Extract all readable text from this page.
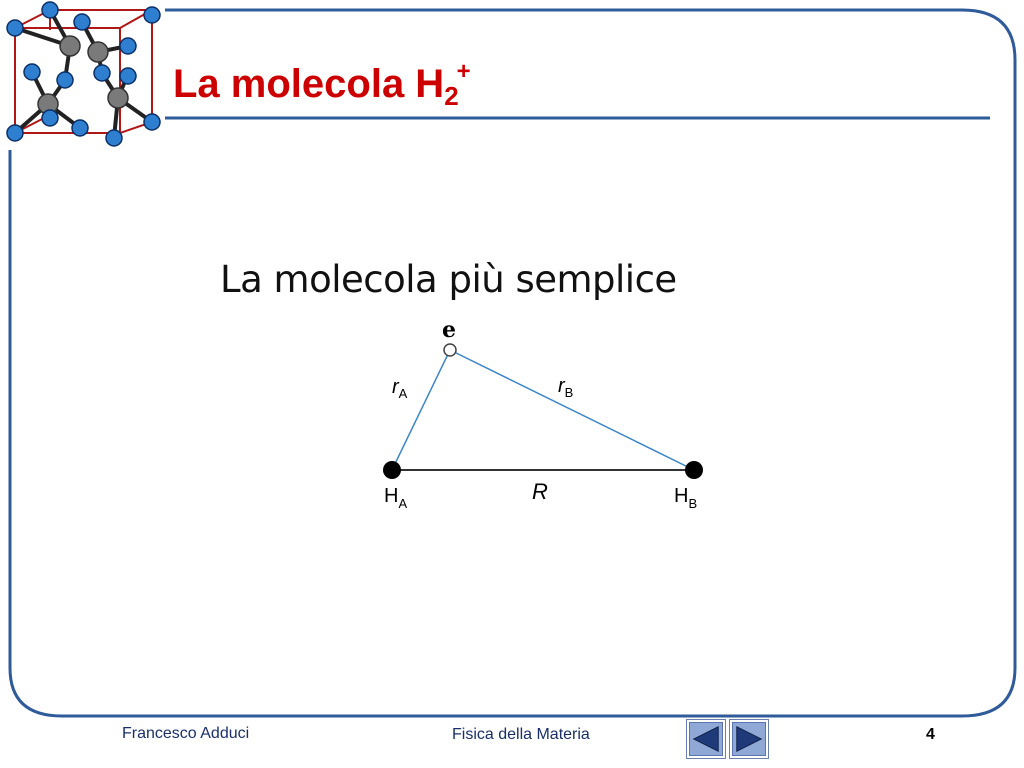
La molecola $H_2^+$
La molecola più semplice
e
$r_A$	$r_B$
$H_A$	R	$H_B$
Francesco Adduci	Fisica della Materia	4
